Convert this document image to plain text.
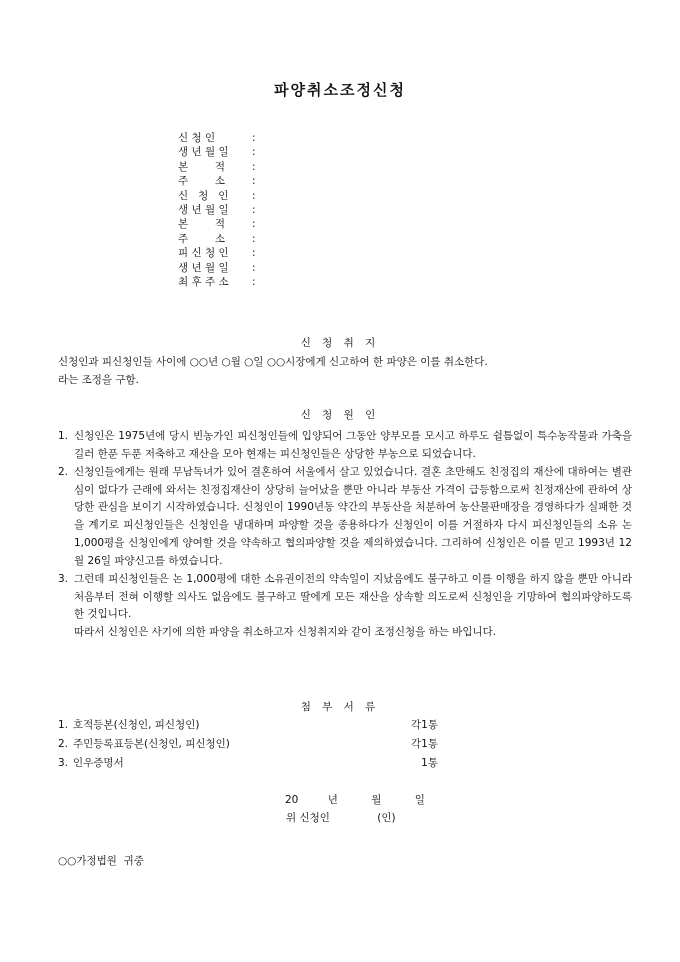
파양취소조정신청
신 청 인	:
생 년 월 일	:
본        적	:
주        소	:
신   청   인	:
생 년 월 일	:
본        적	:
주        소	:
피 신 청 인	:
생 년 월 일	:
최 후 주 소	:
신 청 취 지
신청인과 피신청인들 사이에 ○○년 ○월 ○일 ○○시장에게 신고하여 한 파양은 이를 취소한다.
라는 조정을 구함.
신 청 원 인
1. 신청인은 1975년에 당시 빈농가인 피신청인들에 입양되어 그동안 양부모를 모시고 하루도 쉴틈없이 특수농작물과 가축을 길러 한푼 두푼 저축하고 재산을 모아 현재는 피신청인들은 상당한 부농으로 되었습니다.
2. 신청인들에게는 원래 무남독녀가 있어 결혼하여 서울에서 살고 있었습니다. 결혼 초만해도 친정집의 재산에 대하여는 별관심이 없다가 근래에 와서는 친정집재산이 상당히 늘어났을 뿐만 아니라 부동산 가격이 급등함으로써 친정재산에 관하여 상당한 관심을 보이기 시작하였습니다. 신청인이 1990년동 약간의 부동산을 처분하여 농산물판매장을 경영하다가 실패한 것을 계기로 피신청인들은 신청인을 냉대하며 파양할 것을 종용하다가 신청인이 이를 거절하자 다시 피신청인들의 소유 논 1,000평을 신청인에게 양여할 것을 약속하고 협의파양할 것을 제의하였습니다. 그리하여 신청인은 이를 믿고 1993년 12월 26일 파양신고를 하였습니다.
3. 그런데 피신청인들은 논 1,000평에 대한 소유권이전의 약속일이 지났음에도 불구하고 이를 이행을 하지 않을 뿐만 아니라 처음부터 전혀 이행할 의사도 없음에도 불구하고 딸에게 모든 재산을 상속할 의도로써 신청인을 기망하여 협의파양하도록 한 것입니다.
따라서 신청인은 사기에 의한 파양을 취소하고자 신청취지와 같이 조정신청을 하는 바입니다.
첨 부 서 류
1. 호적등본(신청인, 피신청인)	각1통
2. 주민등록표등본(신청인, 피신청인)	각1통
3. 인우증명서	1통
20	년	월	일
위 신청인	(인)
○○가정법원  귀중
